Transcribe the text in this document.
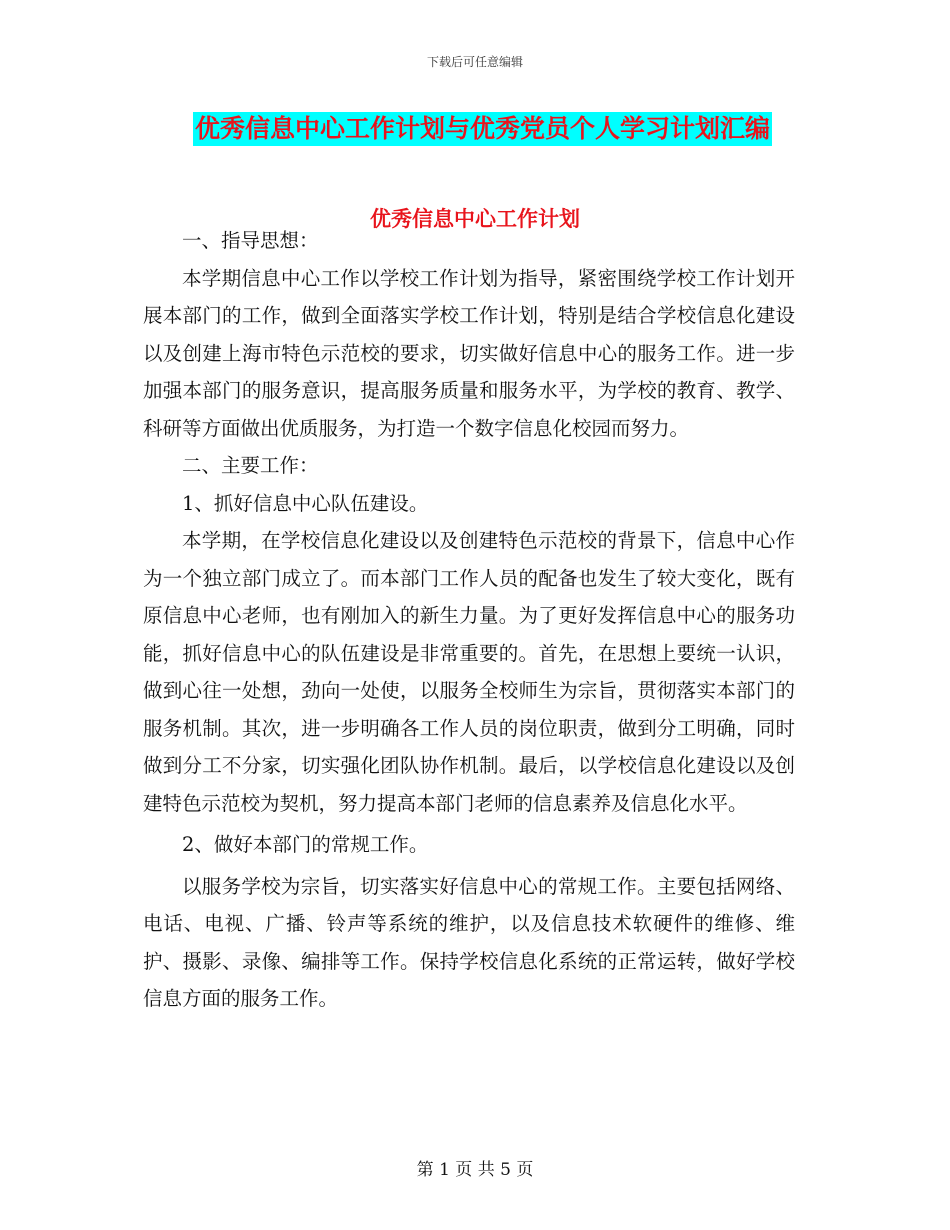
下载后可任意编辑
优秀信息中心工作计划与优秀党员个人学习计划汇编
优秀信息中心工作计划

一、指导思想：

本学期信息中心工作以学校工作计划为指导，紧密围绕学校工作计划开展本部门的工作，做到全面落实学校工作计划，特别是结合学校信息化建设以及创建上海市特色示范校的要求，切实做好信息中心的服务工作。进一步加强本部门的服务意识，提高服务质量和服务水平，为学校的教育、教学、科研等方面做出优质服务，为打造一个数字信息化校园而努力。

二、主要工作：

1、抓好信息中心队伍建设。

本学期，在学校信息化建设以及创建特色示范校的背景下，信息中心作为一个独立部门成立了。而本部门工作人员的配备也发生了较大变化，既有原信息中心老师，也有刚加入的新生力量。为了更好发挥信息中心的服务功能，抓好信息中心的队伍建设是非常重要的。首先，在思想上要统一认识，做到心往一处想，劲向一处使，以服务全校师生为宗旨，贯彻落实本部门的服务机制。其次，进一步明确各工作人员的岗位职责，做到分工明确，同时做到分工不分家，切实强化团队协作机制。最后，以学校信息化建设以及创建特色示范校为契机，努力提高本部门老师的信息素养及信息化水平。

2、做好本部门的常规工作。

以服务学校为宗旨，切实落实好信息中心的常规工作。主要包括网络、电话、电视、广播、铃声等系统的维护，以及信息技术软硬件的维修、维护、摄影、录像、编排等工作。保持学校信息化系统的正常运转，做好学校信息方面的服务工作。

第 1 页 共 5 页
